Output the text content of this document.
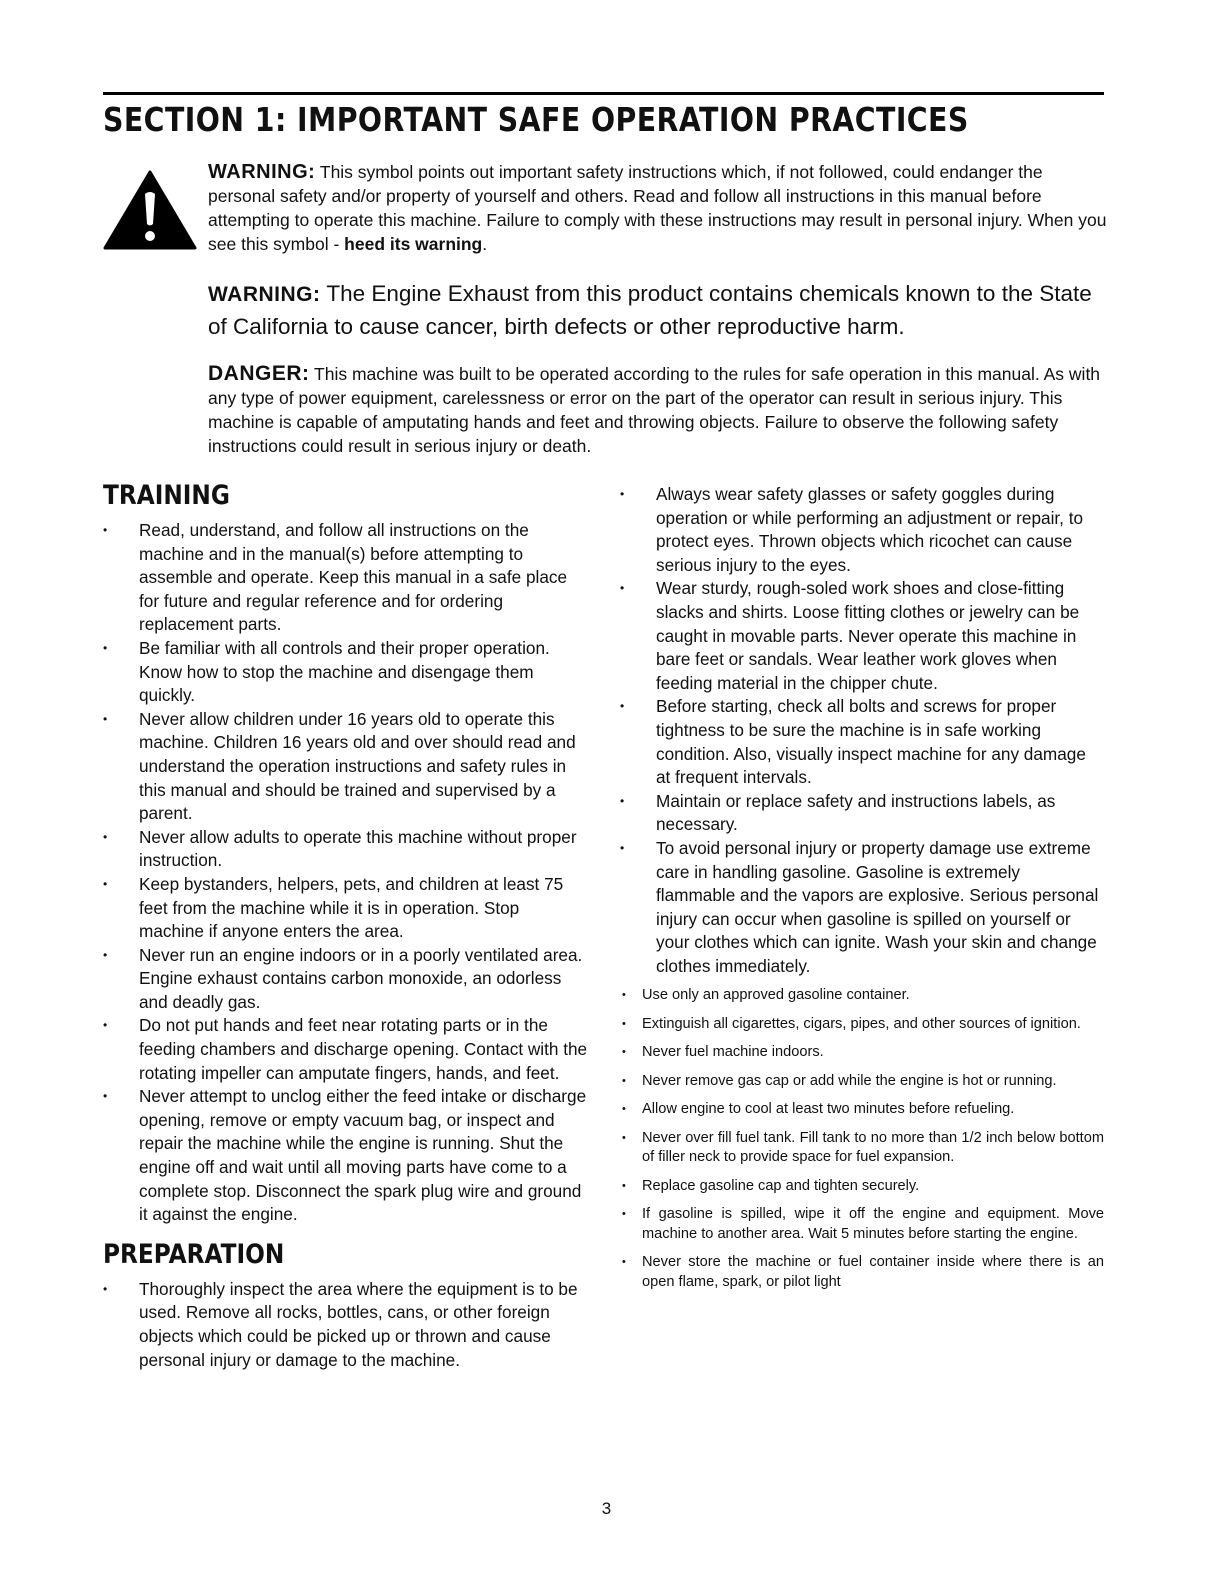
SECTION 1: IMPORTANT SAFE OPERATION PRACTICES

WARNING: This symbol points out important safety instructions which, if not followed, could endanger the personal safety and/or property of yourself and others. Read and follow all instructions in this manual before attempting to operate this machine. Failure to comply with these instructions may result in personal injury. When you see this symbol - heed its warning.

WARNING: The Engine Exhaust from this product contains chemicals known to the State of California to cause cancer, birth defects or other reproductive harm.

DANGER: This machine was built to be operated according to the rules for safe operation in this manual. As with any type of power equipment, carelessness or error on the part of the operator can result in serious injury. This machine is capable of amputating hands and feet and throwing objects. Failure to observe the following safety instructions could result in serious injury or death.

TRAINING
• Read, understand, and follow all instructions on the machine and in the manual(s) before attempting to assemble and operate. Keep this manual in a safe place for future and regular reference and for ordering replacement parts.
• Be familiar with all controls and their proper operation. Know how to stop the machine and disengage them quickly.
• Never allow children under 16 years old to operate this machine. Children 16 years old and over should read and understand the operation instructions and safety rules in this manual and should be trained and supervised by a parent.
• Never allow adults to operate this machine without proper instruction.
• Keep bystanders, helpers, pets, and children at least 75 feet from the machine while it is in operation. Stop machine if anyone enters the area.
• Never run an engine indoors or in a poorly ventilated area. Engine exhaust contains carbon monoxide, an odorless and deadly gas.
• Do not put hands and feet near rotating parts or in the feeding chambers and discharge opening. Contact with the rotating impeller can amputate fingers, hands, and feet.
• Never attempt to unclog either the feed intake or discharge opening, remove or empty vacuum bag, or inspect and repair the machine while the engine is running. Shut the engine off and wait until all moving parts have come to a complete stop. Disconnect the spark plug wire and ground it against the engine.
PREPARATION
• Thoroughly inspect the area where the equipment is to be used. Remove all rocks, bottles, cans, or other foreign objects which could be picked up or thrown and cause personal injury or damage to the machine.
• Always wear safety glasses or safety goggles during operation or while performing an adjustment or repair, to protect eyes. Thrown objects which ricochet can cause serious injury to the eyes.
• Wear sturdy, rough-soled work shoes and close-fitting slacks and shirts. Loose fitting clothes or jewelry can be caught in movable parts. Never operate this machine in bare feet or sandals. Wear leather work gloves when feeding material in the chipper chute.
• Before starting, check all bolts and screws for proper tightness to be sure the machine is in safe working condition. Also, visually inspect machine for any damage at frequent intervals.
• Maintain or replace safety and instructions labels, as necessary.
• To avoid personal injury or property damage use extreme care in handling gasoline. Gasoline is extremely flammable and the vapors are explosive. Serious personal injury can occur when gasoline is spilled on yourself or your clothes which can ignite. Wash your skin and change clothes immediately.
• Use only an approved gasoline container.
• Extinguish all cigarettes, cigars, pipes, and other sources of ignition.
• Never fuel machine indoors.
• Never remove gas cap or add while the engine is hot or running.
• Allow engine to cool at least two minutes before refueling.
• Never over fill fuel tank. Fill tank to no more than 1/2 inch below bottom of filler neck to provide space for fuel expansion.
• Replace gasoline cap and tighten securely.
• If gasoline is spilled, wipe it off the engine and equipment. Move machine to another area. Wait 5 minutes before starting the engine.
• Never store the machine or fuel container inside where there is an open flame, spark, or pilot light

3
